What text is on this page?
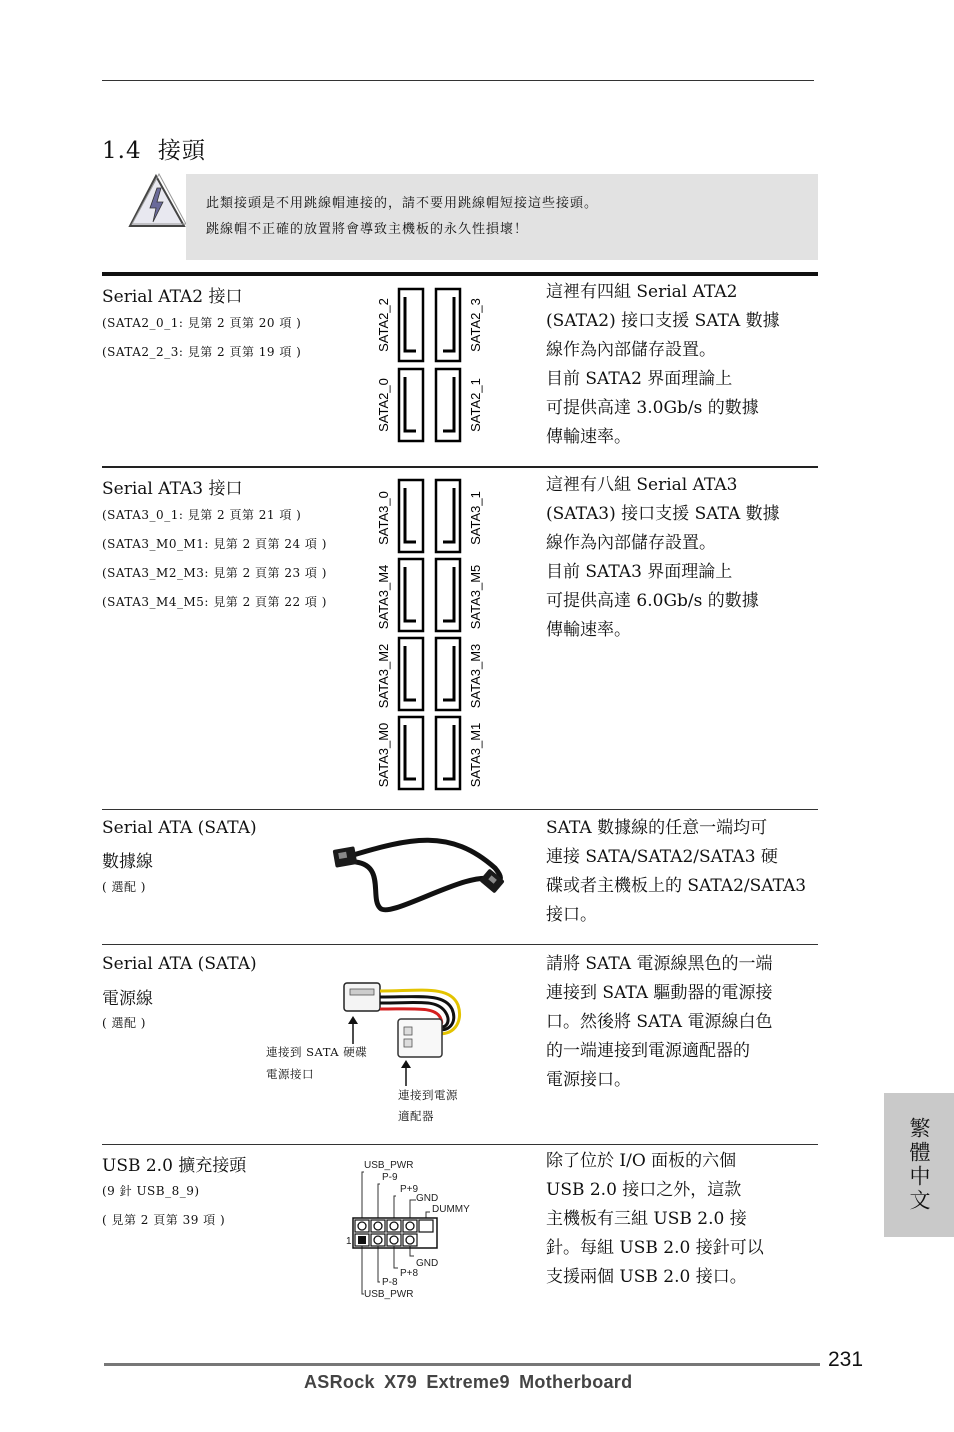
1.4 接頭
此類接頭是不用跳線帽連接的，請不要用跳線帽短接這些接頭。
跳線帽不正確的放置將會導致主機板的永久性損壞！
Serial ATA2 接口
(SATA2_0_1: 見第 2 頁第 20 項 )
(SATA2_2_3: 見第 2 頁第 19 項 )
SATA2_2	SATA2_3
SATA2_0	SATA2_1
這裡有四組 Serial ATA2
(SATA2) 接口支援 SATA 數據
線作為內部儲存設置。
目前 SATA2 界面理論上
可提供高達 3.0Gb/s 的數據
傳輸速率。
Serial ATA3 接口
(SATA3_0_1: 見第 2 頁第 21 項 )
(SATA3_M0_M1: 見第 2 頁第 24 項 )
(SATA3_M2_M3: 見第 2 頁第 23 項 )
(SATA3_M4_M5: 見第 2 頁第 22 項 )
SATA3_0	SATA3_1
SATA3_M4	SATA3_M5
SATA3_M2	SATA3_M3
SATA3_M0	SATA3_M1
這裡有八組 Serial ATA3
(SATA3) 接口支援 SATA 數據
線作為內部儲存設置。
目前 SATA3 界面理論上
可提供高達 6.0Gb/s 的數據
傳輸速率。
Serial ATA (SATA)
數據線
( 選配 )
SATA 數據線的任意一端均可
連接 SATA/SATA2/SATA3 硬
碟或者主機板上的 SATA2/SATA3
接口。
Serial ATA (SATA)
電源線
( 選配 )
連接到 SATA 硬碟
電源接口
連接到電源
適配器
請將 SATA 電源線黑色的一端
連接到 SATA 驅動器的電源接
口。然後將 SATA 電源線白色
的一端連接到電源適配器的
電源接口。
USB 2.0 擴充接頭
(9 針 USB_8_9)
( 見第 2 頁第 39 項 )
USB_PWR
P-9
P+9
GND
DUMMY
1
GND
P+8
P-8
USB_PWR
除了位於 I/O 面板的六個
USB 2.0 接口之外，這款
主機板有三組 USB 2.0 接
針。每組 USB 2.0 接針可以
支援兩個 USB 2.0 接口。
繁體中文
231
ASRock X79 Extreme9 Motherboard
